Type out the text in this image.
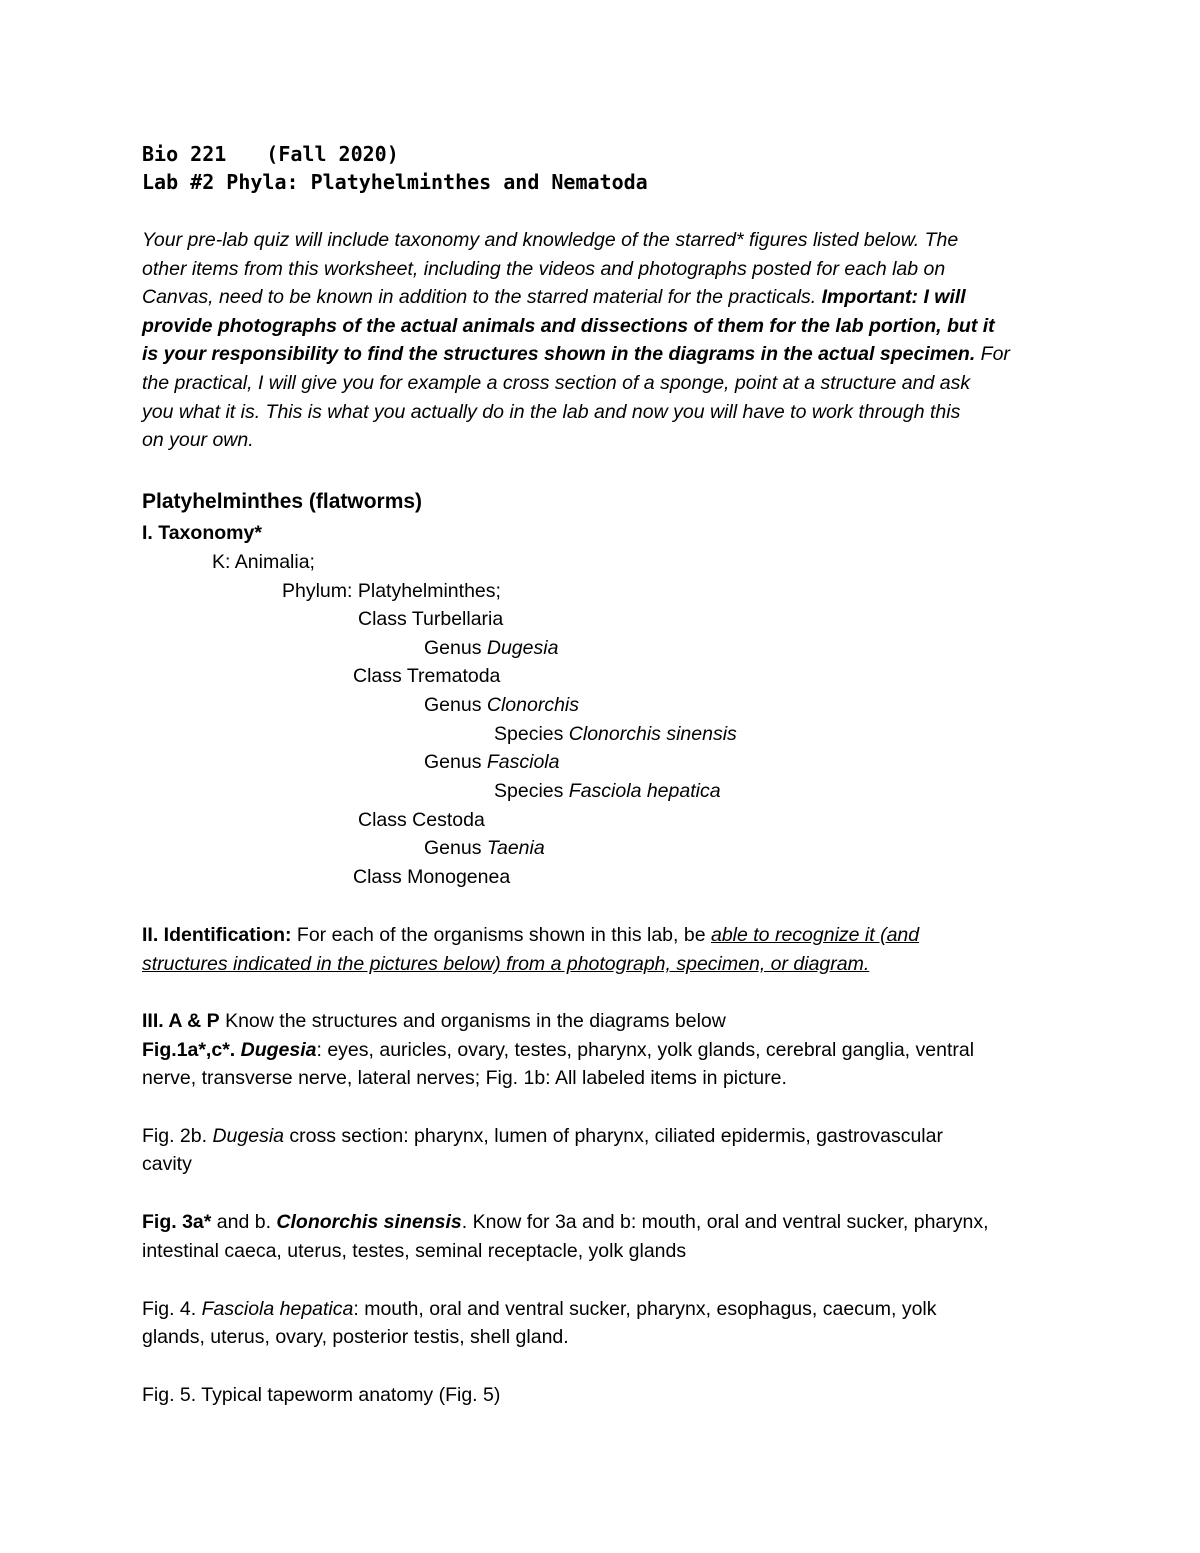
Bio 221 (Fall 2020)
Lab #2 Phyla: Platyhelminthes and Nematoda
Your pre-lab quiz will include taxonomy and knowledge of the starred* figures listed below. The
other items from this worksheet, including the videos and photographs posted for each lab on
Canvas, need to be known in addition to the starred material for the practicals. Important: I will
provide photographs of the actual animals and dissections of them for the lab portion, but it
is your responsibility to find the structures shown in the diagrams in the actual specimen. For
the practical, I will give you for example a cross section of a sponge, point at a structure and ask
you what it is. This is what you actually do in the lab and now you will have to work through this
on your own.
Platyhelminthes (flatworms)
I. Taxonomy*
K: Animalia;
Phylum: Platyhelminthes;
Class Turbellaria
Genus Dugesia
Class Trematoda
Genus Clonorchis
Species Clonorchis sinensis
Genus Fasciola
Species Fasciola hepatica
Class Cestoda
Genus Taenia
Class Monogenea
II. Identification: For each of the organisms shown in this lab, be able to recognize it (and
structures indicated in the pictures below) from a photograph, specimen, or diagram.
III. A & P Know the structures and organisms in the diagrams below
Fig.1a*,c*. Dugesia: eyes, auricles, ovary, testes, pharynx, yolk glands, cerebral ganglia, ventral
nerve, transverse nerve, lateral nerves; Fig. 1b: All labeled items in picture.
Fig. 2b. Dugesia cross section: pharynx, lumen of pharynx, ciliated epidermis, gastrovascular
cavity
Fig. 3a* and b. Clonorchis sinensis. Know for 3a and b: mouth, oral and ventral sucker, pharynx,
intestinal caeca, uterus, testes, seminal receptacle, yolk glands
Fig. 4. Fasciola hepatica: mouth, oral and ventral sucker, pharynx, esophagus, caecum, yolk
glands, uterus, ovary, posterior testis, shell gland.
Fig. 5. Typical tapeworm anatomy (Fig. 5)
